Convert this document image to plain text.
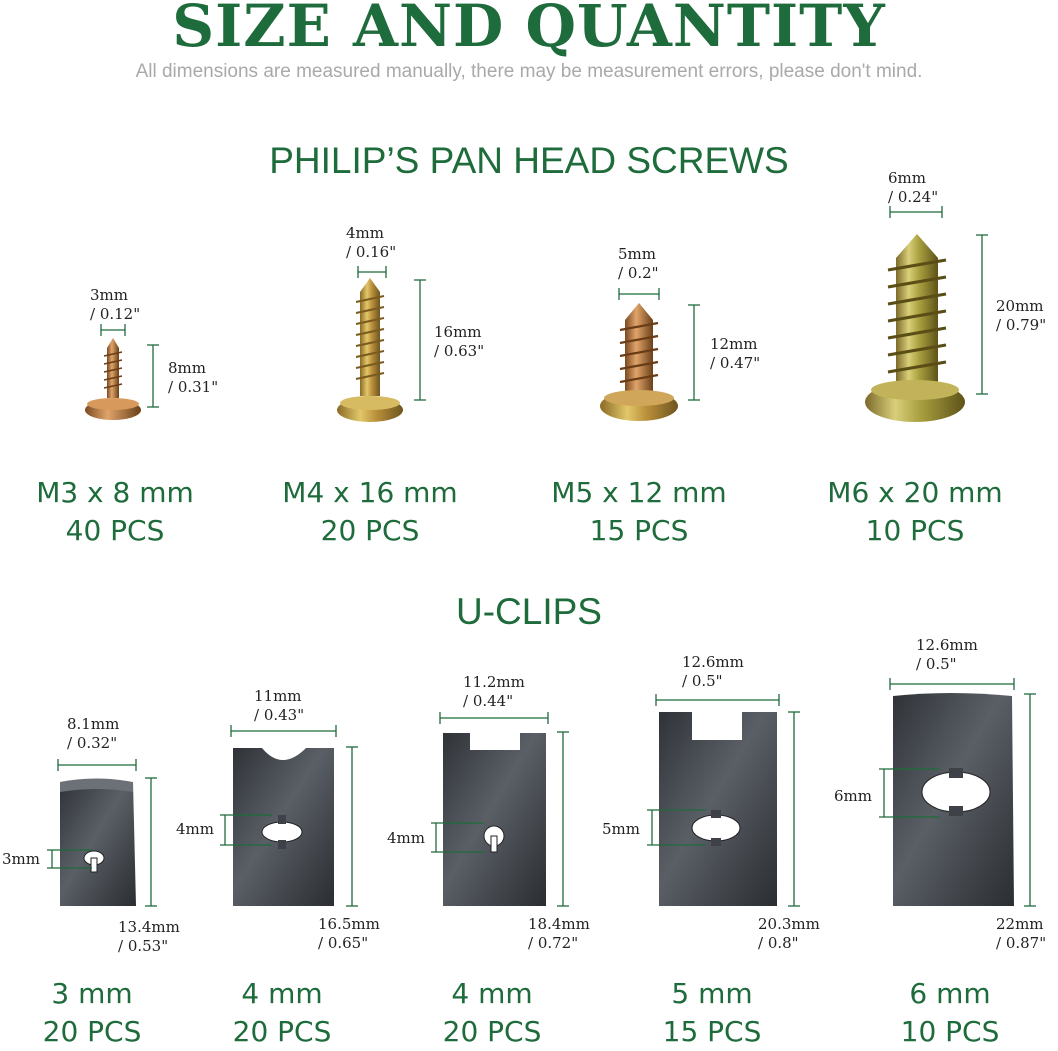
SIZE AND QUANTITY
All dimensions are measured manually, there may be measurement errors, please don't mind.
PHILIP’S PAN HEAD SCREWS
U-CLIPS
3mm
/ 0.12"
8mm
/ 0.31"
4mm
/ 0.16"
16mm
/ 0.63"
5mm
/ 0.2"
12mm
/ 0.47"
6mm
/ 0.24"
20mm
/ 0.79"
M3 x 8 mm
40 PCS
M4 x 16 mm
20 PCS
M5 x 12 mm
15 PCS
M6 x 20 mm
10 PCS
8.1mm
/ 0.32"
3mm
13.4mm
/ 0.53"
11mm
/ 0.43"
4mm
16.5mm
/ 0.65"
11.2mm
/ 0.44"
4mm
18.4mm
/ 0.72"
12.6mm
/ 0.5"
5mm
20.3mm
/ 0.8"
12.6mm
/ 0.5"
6mm
22mm
/ 0.87"
3 mm
20 PCS
4 mm
20 PCS
4 mm
20 PCS
5 mm
15 PCS
6 mm
10 PCS
